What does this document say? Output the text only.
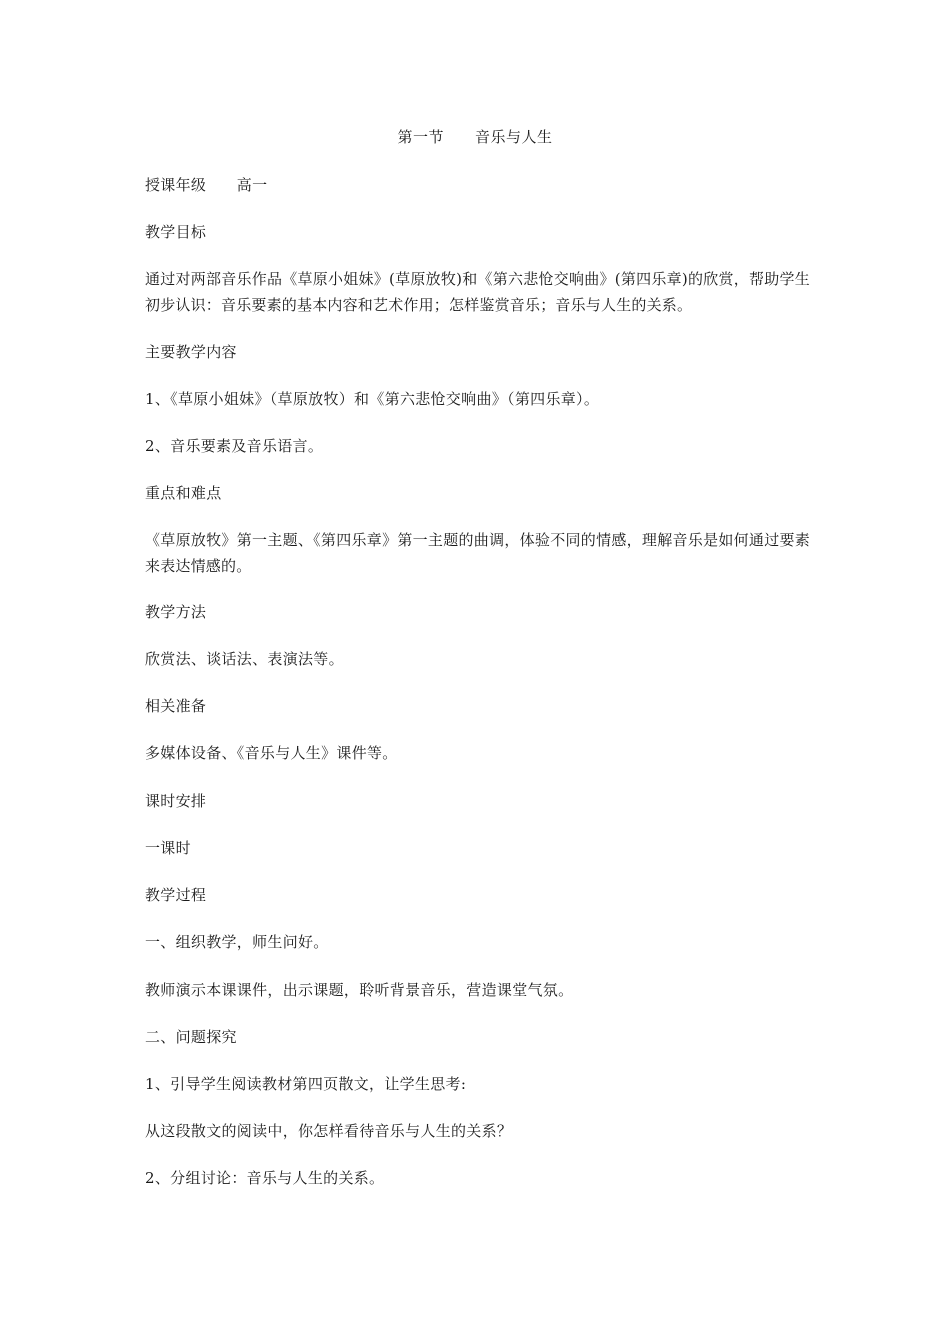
第一节　　音乐与人生
授课年级　　高一
教学目标
通过对两部音乐作品《草原小姐妹》(草原放牧)和《第六悲怆交响曲》(第四乐章)的欣赏，帮助学生初步认识：音乐要素的基本内容和艺术作用；怎样鉴赏音乐；音乐与人生的关系。
主要教学内容
1、《草原小姐妹》（草原放牧）和《第六悲怆交响曲》（第四乐章）。
2、音乐要素及音乐语言。
重点和难点
《草原放牧》第一主题、《第四乐章》第一主题的曲调，体验不同的情感，理解音乐是如何通过要素来表达情感的。
教学方法
欣赏法、谈话法、表演法等。
相关准备
多媒体设备、《音乐与人生》课件等。
课时安排
一课时
教学过程
一、组织教学，师生问好。
教师演示本课课件，出示课题，聆听背景音乐，营造课堂气氛。
二、问题探究
1、引导学生阅读教材第四页散文，让学生思考:
从这段散文的阅读中，你怎样看待音乐与人生的关系？
2、分组讨论：音乐与人生的关系。
